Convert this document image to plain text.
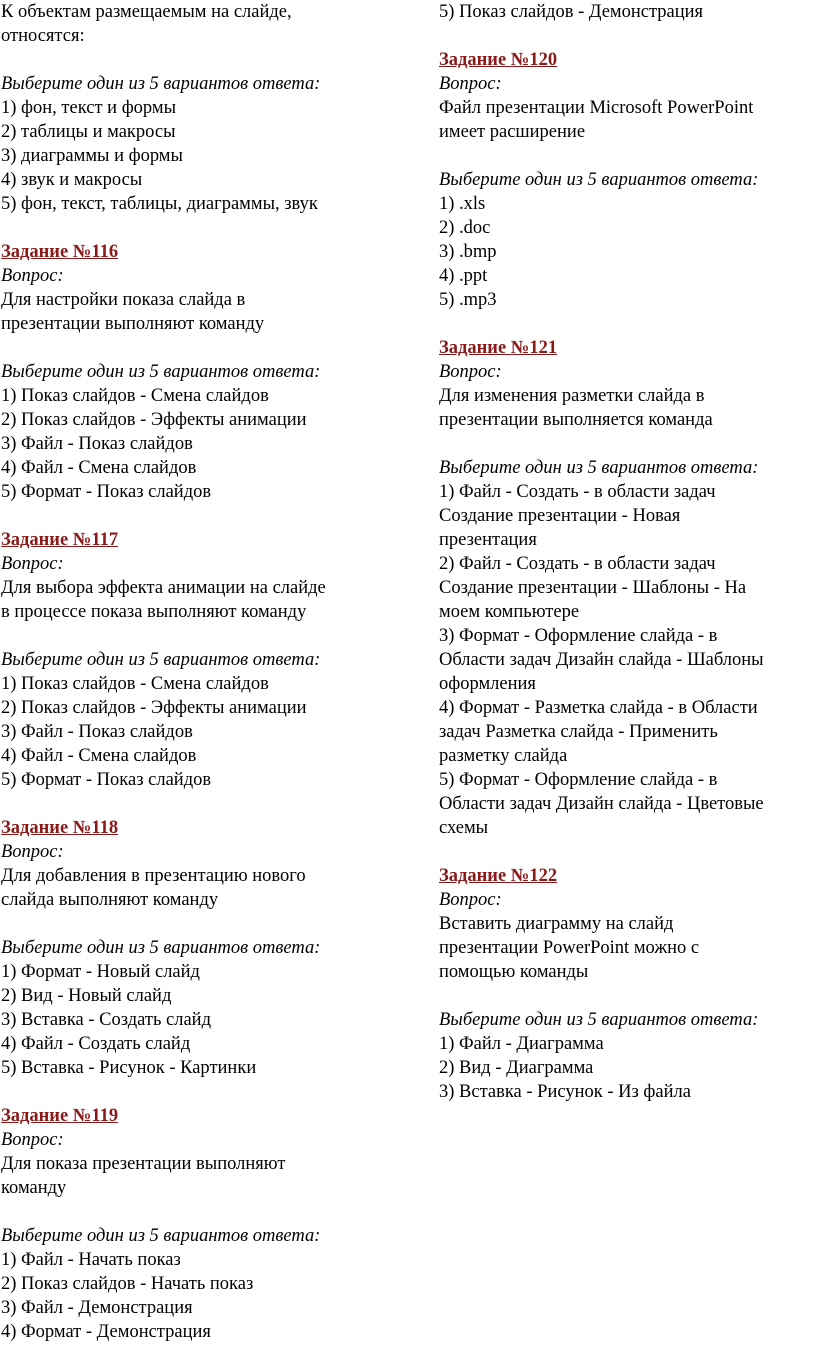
К объектам размещаемым на слайде,
относятся:
Выберите один из 5 вариантов ответа:
1) фон, текст и формы
2) таблицы и макросы
3) диаграммы и формы
4) звук и макросы
5) фон, текст, таблицы, диаграммы, звук
Задание №116
Вопрос:
Для настройки показа слайда в
презентации выполняют команду
Выберите один из 5 вариантов ответа:
1) Показ слайдов - Смена слайдов
2) Показ слайдов - Эффекты анимации
3) Файл - Показ слайдов
4) Файл - Смена слайдов
5) Формат - Показ слайдов
Задание №117
Вопрос:
Для выбора эффекта анимации на слайде
в процессе показа выполняют команду
Выберите один из 5 вариантов ответа:
1) Показ слайдов - Смена слайдов
2) Показ слайдов - Эффекты анимации
3) Файл - Показ слайдов
4) Файл - Смена слайдов
5) Формат - Показ слайдов
Задание №118
Вопрос:
Для добавления в презентацию нового
слайда выполняют команду
Выберите один из 5 вариантов ответа:
1) Формат - Новый слайд
2) Вид - Новый слайд
3) Вставка - Создать слайд
4) Файл - Создать слайд
5) Вставка - Рисунок - Картинки
Задание №119
Вопрос:
Для показа презентации выполняют
команду
Выберите один из 5 вариантов ответа:
1) Файл - Начать показ
2) Показ слайдов - Начать показ
3) Файл - Демонстрация
4) Формат - Демонстрация
5) Показ слайдов - Демонстрация
Задание №120
Вопрос:
Файл презентации Microsoft PowerPoint
имеет расширение
Выберите один из 5 вариантов ответа:
1) .xls
2) .doc
3) .bmp
4) .ppt
5) .mp3
Задание №121
Вопрос:
Для изменения разметки слайда в
презентации выполняется команда
Выберите один из 5 вариантов ответа:
1) Файл - Создать - в области задач
Создание презентации - Новая
презентация
2) Файл - Создать - в области задач
Создание презентации - Шаблоны - На
моем компьютере
3) Формат - Оформление слайда - в
Области задач Дизайн слайда - Шаблоны
оформления
4) Формат - Разметка слайда - в Области
задач Разметка слайда - Применить
разметку слайда
5) Формат - Оформление слайда - в
Области задач Дизайн слайда - Цветовые
схемы
Задание №122
Вопрос:
Вставить диаграмму на слайд
презентации PowerPoint можно с
помощью команды
Выберите один из 5 вариантов ответа:
1) Файл - Диаграмма
2) Вид - Диаграмма
3) Вставка - Рисунок - Из файла
